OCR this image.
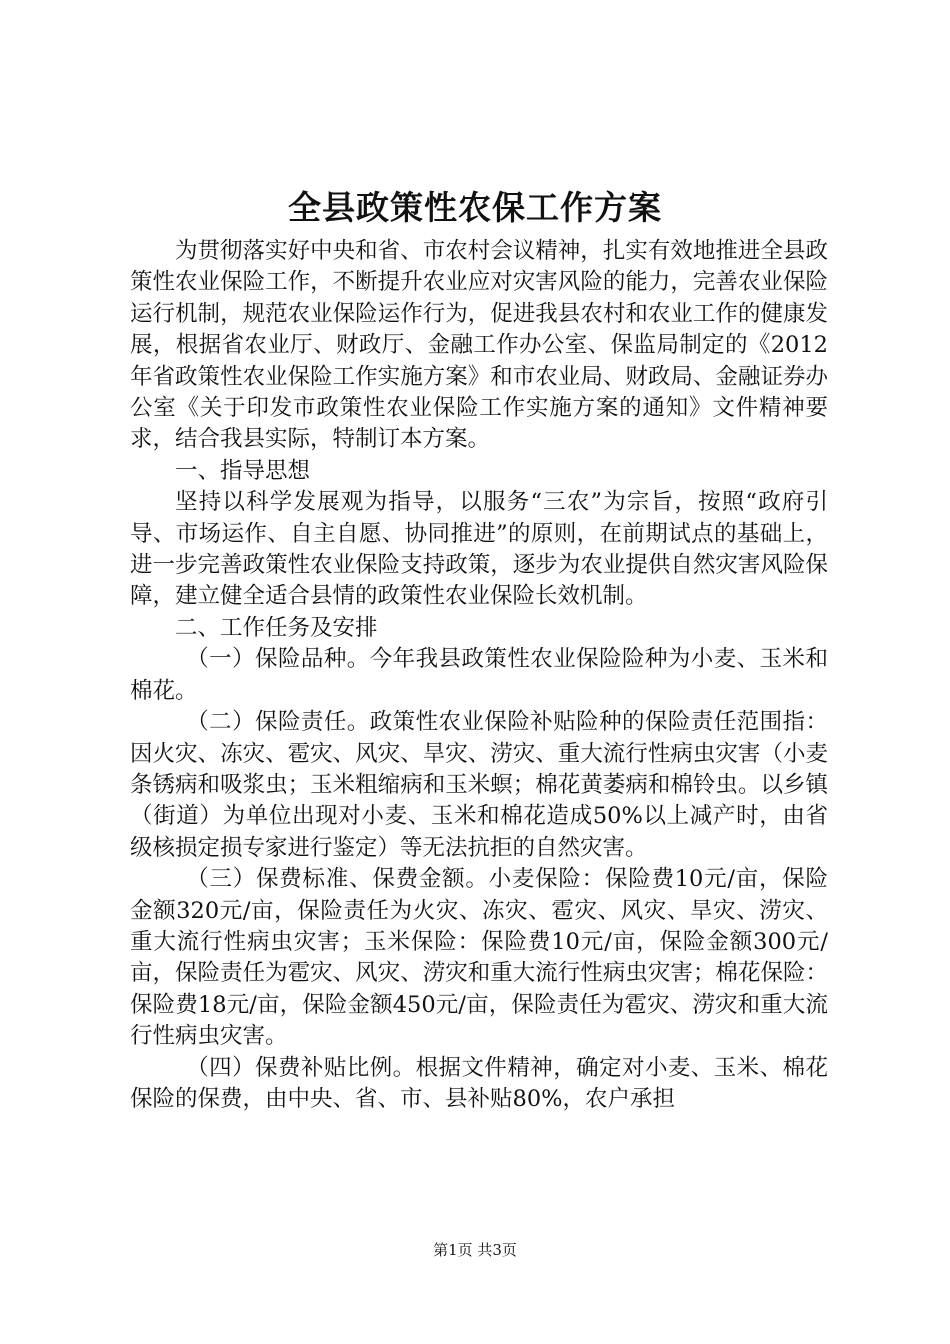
全县政策性农保工作方案

为贯彻落实好中央和省、市农村会议精神，扎实有效地推进全县政策性农业保险工作，不断提升农业应对灾害风险的能力，完善农业保险运行机制，规范农业保险运作行为，促进我县农村和农业工作的健康发展，根据省农业厅、财政厅、金融工作办公室、保监局制定的《2012年省政策性农业保险工作实施方案》和市农业局、财政局、金融证券办公室《关于印发市政策性农业保险工作实施方案的通知》文件精神要求，结合我县实际，特制订本方案。

一、指导思想

坚持以科学发展观为指导，以服务“三农”为宗旨，按照“政府引导、市场运作、自主自愿、协同推进”的原则，在前期试点的基础上，进一步完善政策性农业保险支持政策，逐步为农业提供自然灾害风险保障，建立健全适合县情的政策性农业保险长效机制。

二、工作任务及安排

（一）保险品种。今年我县政策性农业保险险种为小麦、玉米和棉花。

（二）保险责任。政策性农业保险补贴险种的保险责任范围指：因火灾、冻灾、雹灾、风灾、旱灾、涝灾、重大流行性病虫灾害（小麦条锈病和吸浆虫；玉米粗缩病和玉米螟；棉花黄萎病和棉铃虫。以乡镇（街道）为单位出现对小麦、玉米和棉花造成50%以上减产时，由省级核损定损专家进行鉴定）等无法抗拒的自然灾害。

（三）保费标准、保费金额。小麦保险：保险费10元/亩，保险金额320元/亩，保险责任为火灾、冻灾、雹灾、风灾、旱灾、涝灾、重大流行性病虫灾害；玉米保险：保险费10元/亩，保险金额300元/亩，保险责任为雹灾、风灾、涝灾和重大流行性病虫灾害；棉花保险：保险费18元/亩，保险金额450元/亩，保险责任为雹灾、涝灾和重大流行性病虫灾害。

（四）保费补贴比例。根据文件精神，确定对小麦、玉米、棉花保险的保费，由中央、省、市、县补贴80%，农户承担

第1页 共3页
